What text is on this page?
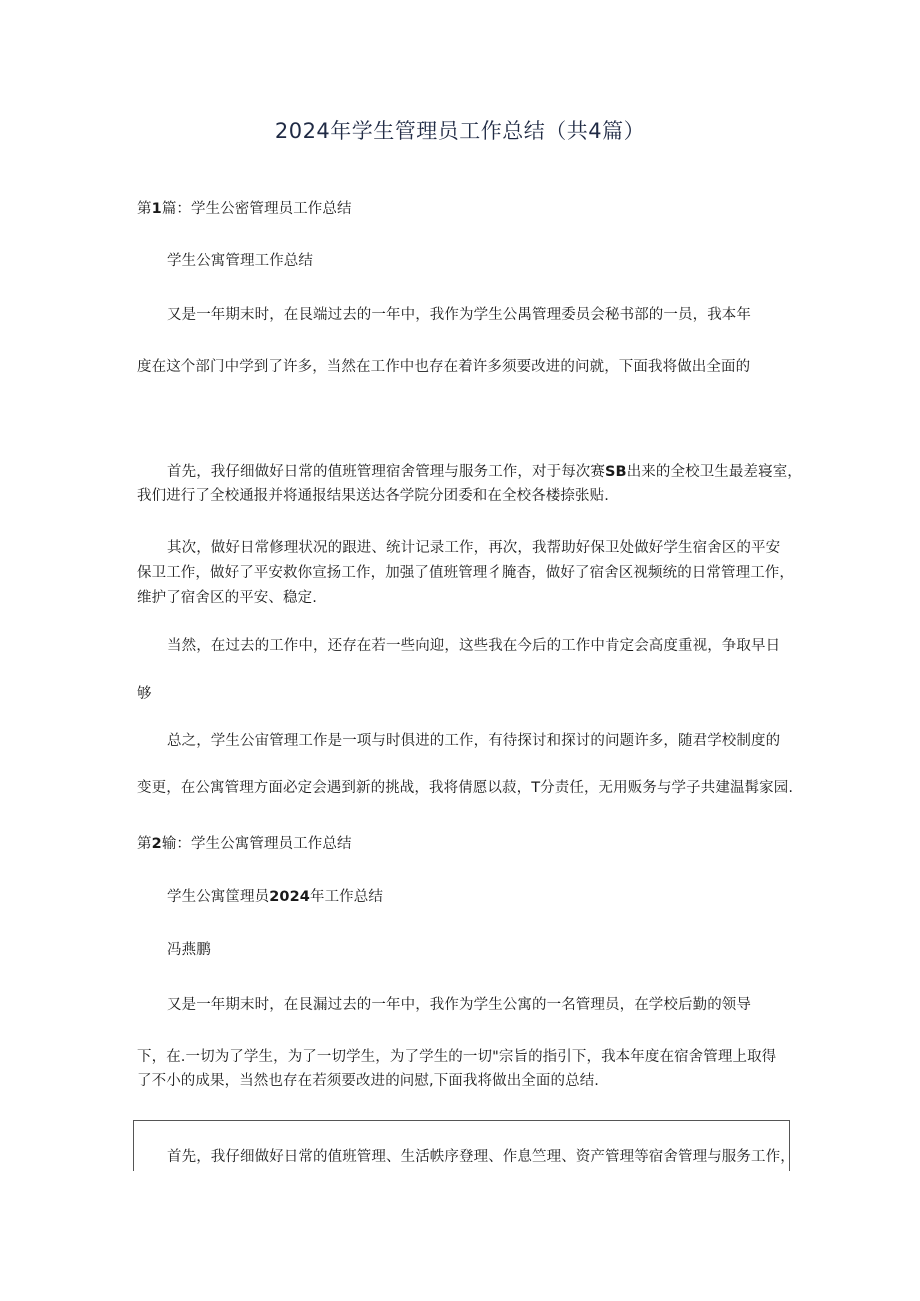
2024年学生管理员工作总结（共4篇）
第1篇：学生公密管理员工作总结
学生公寓管理工作总结
又是一年期末时，在艮端过去的一年中，我作为学生公禺管理委员会秘书部的一员，我本年
度在这个部门中学到了许多，当然在工作中也存在着许多须要改进的问就，下面我将做出全面的
首先，我仔细做好日常的值班管理宿舍管理与服务工作，对于每次赛SB出来的全校卫生最差寝室，
我们进行了全校通报并将通报结果送达各学院分团委和在全校各楼捺张贴.
其次，做好日常修理状况的跟进、统计记录工作，再次，我帮助好保卫处做好学生宿舍区的平安
保卫工作，做好了平安救你宣扬工作，加强了值班管理彳腌杳，做好了宿舍区视频统的日常管理工作，
维护了宿舍区的平安、稳定.
当然，在过去的工作中，还存在若一些向迎，这些我在今后的工作中肯定会高度重视，争取早日
够
总之，学生公宙管理工作是一项与时俱进的工作，有待探讨和探讨的问题许多，随君学校制度的
变更，在公寓管理方面必定会遇到新的挑战，我将倩愿以菽，T分责任，无用贩务与学子共建温髯家园.
第2输：学生公寓管理员工作总结
学生公寓筐理员2024年工作总结
冯燕鹏
又是一年期末时，在艮漏过去的一年中，我作为学生公寓的一名管理员，在学校后勤的领导
下，在.一切为了学生，为了一切学生，为了学生的一切"宗旨的指引下，我本年度在宿舍管理上取得
了不小的成果，当然也存在若须要改进的问慰,下面我将做出全面的总结.
首先，我仔细做好日常的值班管理、生活帙序登理、作息竺理、资产管理等宿舍管理与服务工作，
